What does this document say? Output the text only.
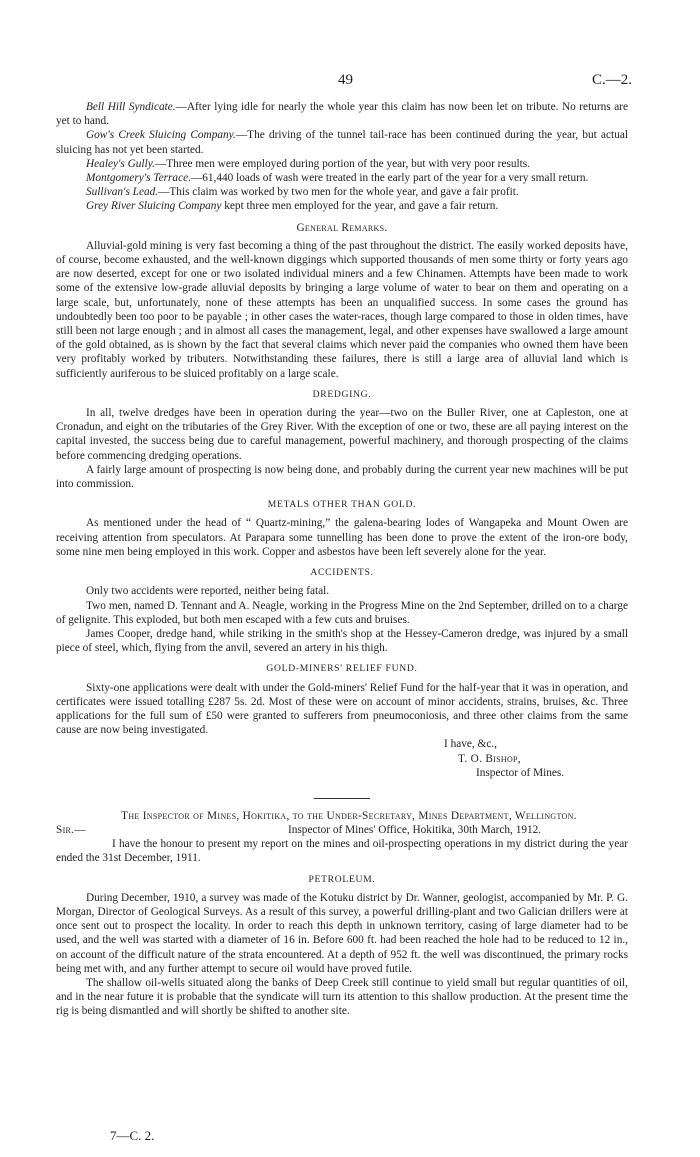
49	C.—2.

Bell Hill Syndicate.—After lying idle for nearly the whole year this claim has now been let on tribute. No returns are yet to hand.

Gow's Creek Sluicing Company.—The driving of the tunnel tail-race has been continued during the year, but actual sluicing has not yet been started.

Healey's Gully.—Three men were employed during portion of the year, but with very poor results.

Montgomery's Terrace.—61,440 loads of wash were treated in the early part of the year for a very small return.

Sullivan's Lead.—This claim was worked by two men for the whole year, and gave a fair profit.

Grey River Sluicing Company kept three men employed for the year, and gave a fair return.

General Remarks.

Alluvial-gold mining is very fast becoming a thing of the past throughout the district. The easily worked deposits have, of course, become exhausted, and the well-known diggings which supported thousands of men some thirty or forty years ago are now deserted, except for one or two isolated individual miners and a few Chinamen. Attempts have been made to work some of the extensive low-grade alluvial deposits by bringing a large volume of water to bear on them and operating on a large scale, but, unfortunately, none of these attempts has been an unqualified success. In some cases the ground has undoubtedly been too poor to be payable ; in other cases the water-races, though large compared to those in olden times, have still been not large enough ; and in almost all cases the management, legal, and other expenses have swallowed a large amount of the gold obtained, as is shown by the fact that several claims which never paid the companies who owned them have been very profitably worked by tributers. Notwithstanding these failures, there is still a large area of alluvial land which is sufficiently auriferous to be sluiced profitably on a large scale.

DREDGING.

In all, twelve dredges have been in operation during the year—two on the Buller River, one at Capleston, one at Cronadun, and eight on the tributaries of the Grey River. With the exception of one or two, these are all paying interest on the capital invested, the success being due to careful management, powerful machinery, and thorough prospecting of the claims before commencing dredging operations.

A fairly large amount of prospecting is now being done, and probably during the current year new machines will be put into commission.

METALS OTHER THAN GOLD.

As mentioned under the head of “ Quartz-mining,” the galena-bearing lodes of Wangapeka and Mount Owen are receiving attention from speculators. At Parapara some tunnelling has been done to prove the extent of the iron-ore body, some nine men being employed in this work. Copper and asbestos have been left severely alone for the year.

ACCIDENTS.

Only two accidents were reported, neither being fatal.

Two men, named D. Tennant and A. Neagle, working in the Progress Mine on the 2nd September, drilled on to a charge of gelignite. This exploded, but both men escaped with a few cuts and bruises.

James Cooper, dredge hand, while striking in the smith's shop at the Hessey-Cameron dredge, was injured by a small piece of steel, which, flying from the anvil, severed an artery in his thigh.

GOLD-MINERS' RELIEF FUND.

Sixty-one applications were dealt with under the Gold-miners' Relief Fund for the half-year that it was in operation, and certificates were issued totalling £287 5s. 2d. Most of these were on account of minor accidents, strains, bruises, &c. Three applications for the full sum of £50 were granted to sufferers from pneumoconiosis, and three other claims from the same cause are now being investigated.

I have, &c.,
T. O. Bishop,
Inspector of Mines.
The Inspector of Mines, Hokitika, to the Under-Secretary, Mines Department, Wellington.
Sir.—	Inspector of Mines' Office, Hokitika, 30th March, 1912.

I have the honour to present my report on the mines and oil-prospecting operations in my district during the year ended the 31st December, 1911.

PETROLEUM.

During December, 1910, a survey was made of the Kotuku district by Dr. Wanner, geologist, accompanied by Mr. P. G. Morgan, Director of Geological Surveys. As a result of this survey, a powerful drilling-plant and two Galician drillers were at once sent out to prospect the locality. In order to reach this depth in unknown territory, casing of large diameter had to be used, and the well was started with a diameter of 16 in. Before 600 ft. had been reached the hole had to be reduced to 12 in., on account of the difficult nature of the strata encountered. At a depth of 952 ft. the well was discontinued, the primary rocks being met with, and any further attempt to secure oil would have proved futile.

The shallow oil-wells situated along the banks of Deep Creek still continue to yield small but regular quantities of oil, and in the near future it is probable that the syndicate will turn its attention to this shallow production. At the present time the rig is being dismantled and will shortly be shifted to another site.

7—C. 2.
